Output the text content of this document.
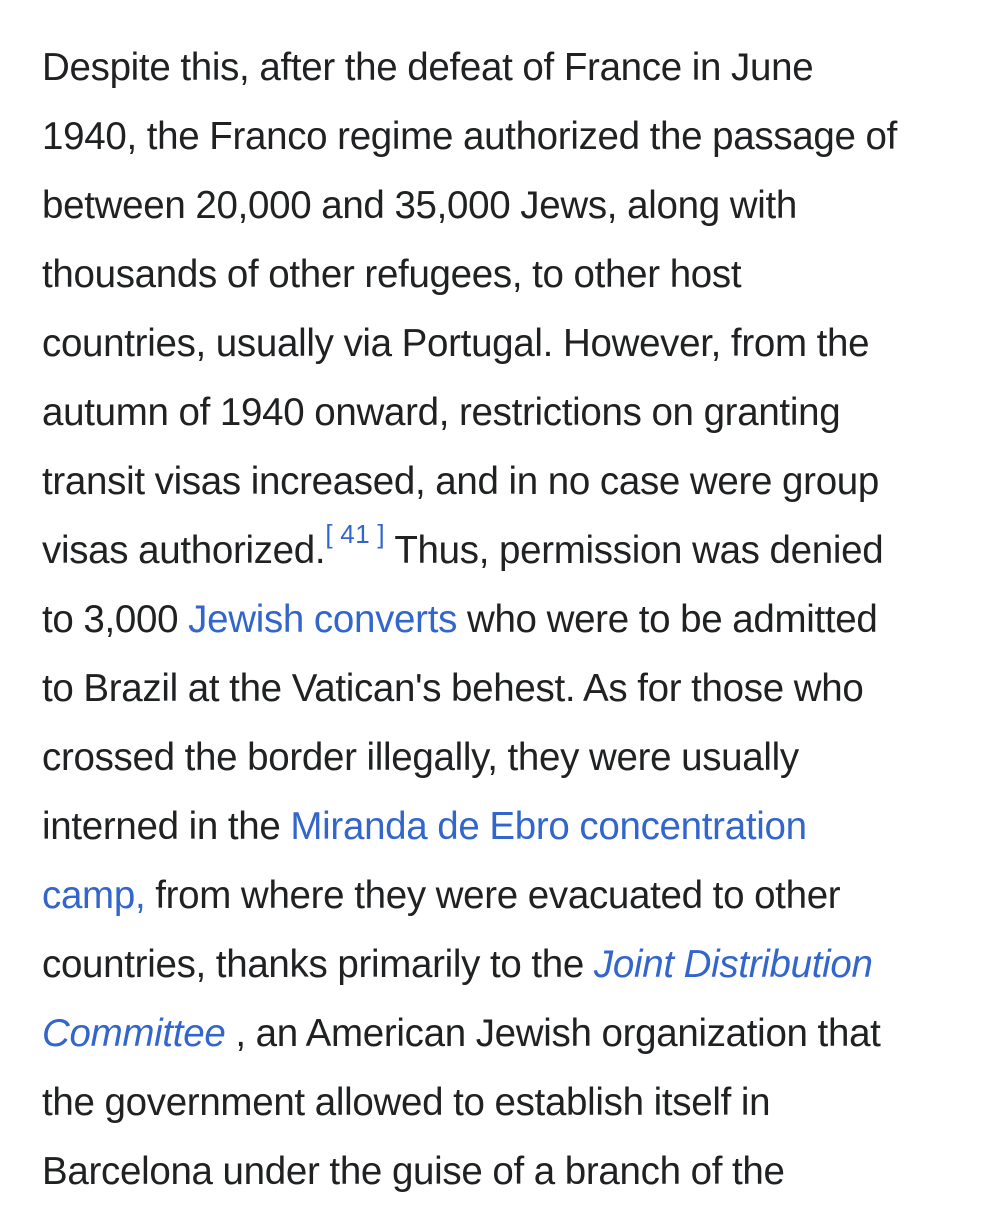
Despite this, after the defeat of France in June
1940, the Franco regime authorized the passage of
between 20,000 and 35,000 Jews, along with
thousands of other refugees, to other host
countries, usually via Portugal. However, from the
autumn of 1940 onward, restrictions on granting
transit visas increased, and in no case were group
visas authorized.[ 41 ] Thus, permission was denied
to 3,000 Jewish converts who were to be admitted
to Brazil at the Vatican's behest. As for those who
crossed the border illegally, they were usually
interned in the Miranda de Ebro concentration
camp, from where they were evacuated to other
countries, thanks primarily to the Joint Distribution
Committee , an American Jewish organization that
the government allowed to establish itself in
Barcelona under the guise of a branch of the
